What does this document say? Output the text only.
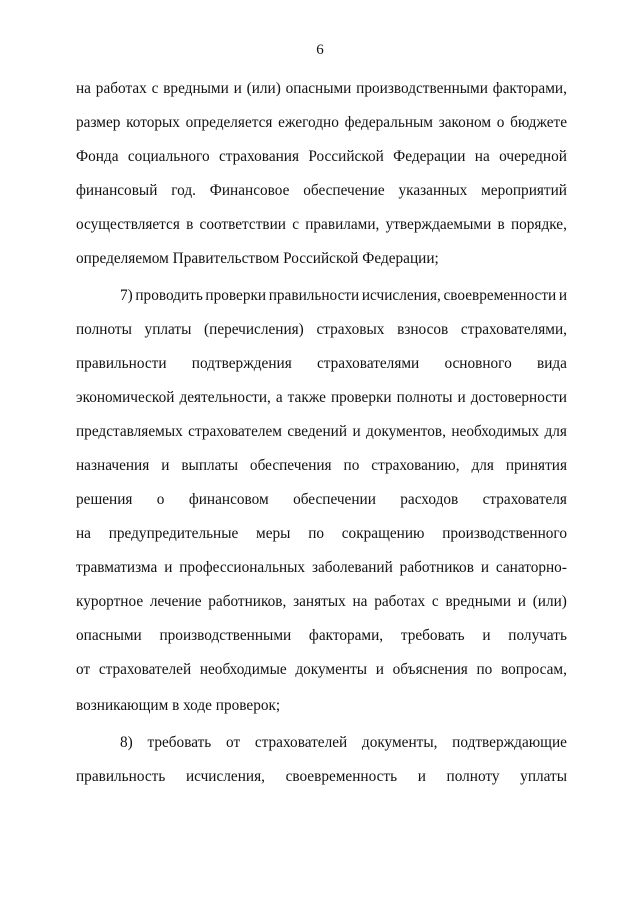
6
на работах с вредными и (или) опасными производственными факторами,
размер которых определяется ежегодно федеральным законом о бюджете
Фонда социального страхования Российской Федерации на очередной
финансовый год. Финансовое обеспечение указанных мероприятий
осуществляется в соответствии с правилами, утверждаемыми в порядке,
определяемом Правительством Российской Федерации;
7) проводить проверки правильности исчисления, своевременности и
полноты уплаты (перечисления) страховых взносов страхователями,
правильности подтверждения страхователями основного вида
экономической деятельности, а также проверки полноты и достоверности
представляемых страхователем сведений и документов, необходимых для
назначения и выплаты обеспечения по страхованию, для принятия
решения о финансовом обеспечении расходов страхователя
на предупредительные меры по сокращению производственного
травматизма и профессиональных заболеваний работников и санаторно-
курортное лечение работников, занятых на работах с вредными и (или)
опасными производственными факторами, требовать и получать
от страхователей необходимые документы и объяснения по вопросам,
возникающим в ходе проверок;
8) требовать от страхователей документы, подтверждающие
правильность исчисления, своевременность и полноту уплаты
